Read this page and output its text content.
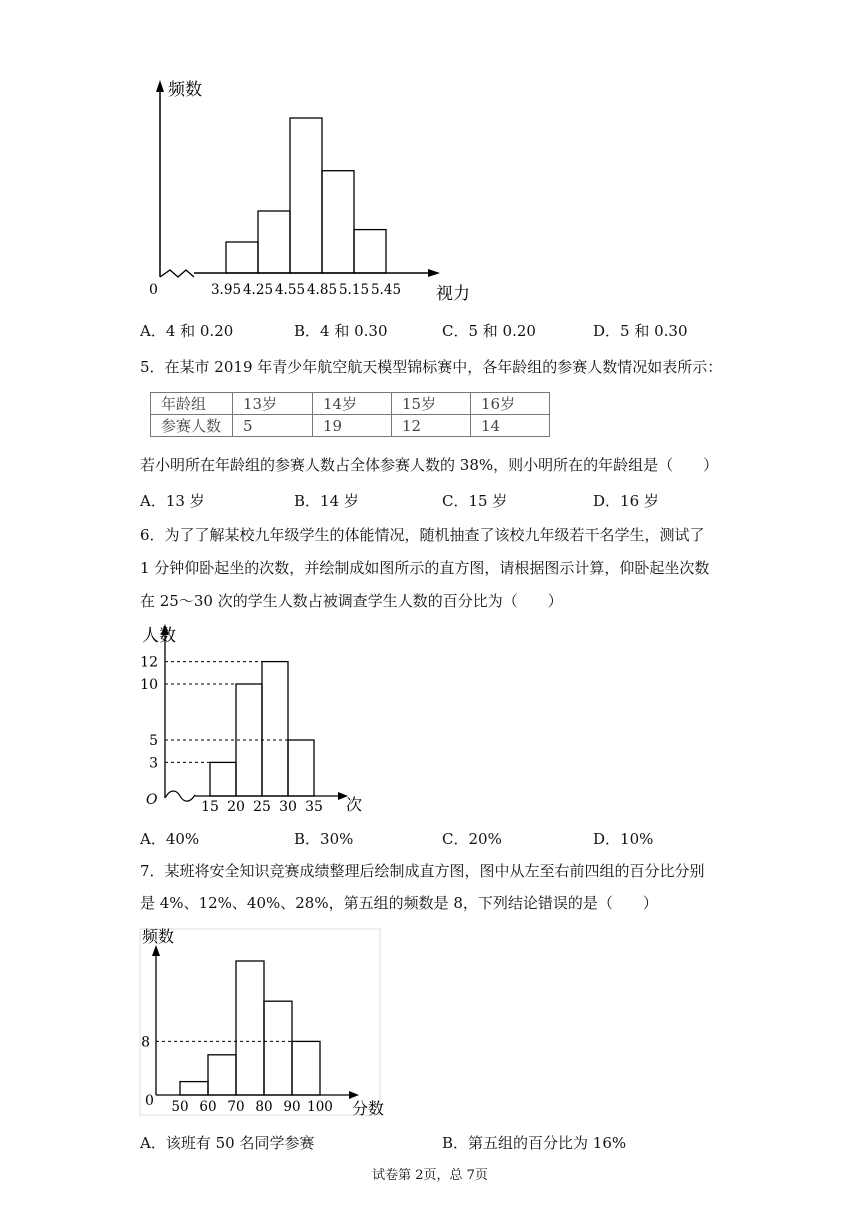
频数
视力
0	3.95 4.25 4.55 4.85 5.15 5.45
A．4 和 0.20	B．4 和 0.30	C．5 和 0.20	D．5 和 0.30
5．在某市 2019 年青少年航空航天模型锦标赛中，各年龄组的参赛人数情况如表所示：
年龄组	13岁	14岁	15岁	16岁
参赛人数	5	19	12	14
若小明所在年龄组的参赛人数占全体参赛人数的 38%，则小明所在的年龄组是（　　）
A．13 岁	B．14 岁	C．15 岁	D．16 岁
6．为了了解某校九年级学生的体能情况，随机抽查了该校九年级若干名学生，测试了
1 分钟仰卧起坐的次数，并绘制成如图所示的直方图，请根据图示计算，仰卧起坐次数
在 25～30 次的学生人数占被调查学生人数的百分比为（　　）
人数
次
O
3
5
10
12
15 20 25 30 35
A．40%	B．30%	C．20%	D．10%
7．某班将安全知识竞赛成绩整理后绘制成直方图，图中从左至右前四组的百分比分别
是 4%、12%、40%、28%，第五组的频数是 8，下列结论错误的是（　　）
频数
分数
0
8
50 60 70 80 90 100
A．该班有 50 名同学参赛	B．第五组的百分比为 16%
试卷第 2页，总 7页
